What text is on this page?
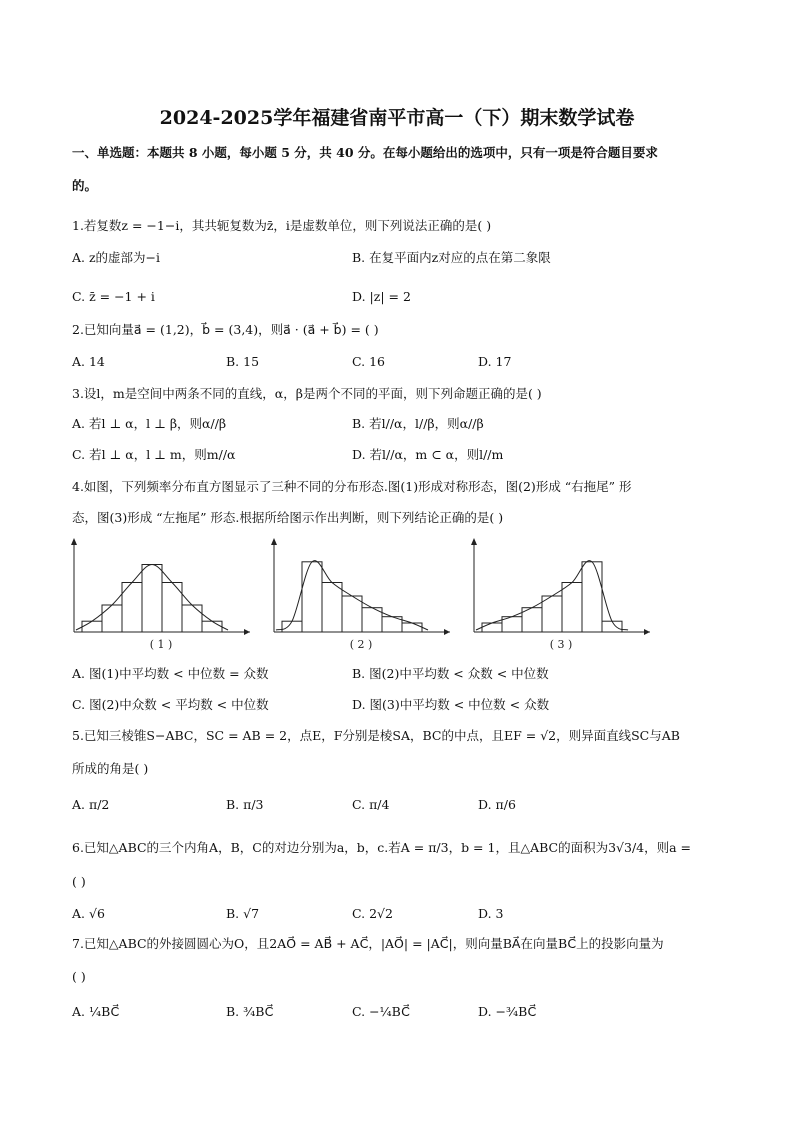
2024-2025学年福建省南平市高一（下）期末数学试卷
一、单选题：本题共 8 小题，每小题 5 分，共 40 分。在每小题给出的选项中，只有一项是符合题目要求
的。
1.若复数z = −1−i，其共轭复数为z̄，i是虚数单位，则下列说法正确的是( )
A. z的虚部为−i	B. 在复平面内z对应的点在第二象限
C. z̄ = −1 + i	D. |z| = 2
2.已知向量a⃗ = (1,2)，b⃗ = (3,4)，则a⃗ · (a⃗ + b⃗) = ( )
A. 14	B. 15	C. 16	D. 17
3.设l，m是空间中两条不同的直线，α，β是两个不同的平面，则下列命题正确的是( )
A. 若l ⊥ α，l ⊥ β，则α//β	B. 若l//α，l//β，则α//β
C. 若l ⊥ α，l ⊥ m，则m//α	D. 若l//α，m ⊂ α，则l//m
4.如图，下列频率分布直方图显示了三种不同的分布形态.图(1)形成对称形态，图(2)形成 “右拖尾” 形
态，图(3)形成 “左拖尾” 形态.根据所给图示作出判断，则下列结论正确的是( )
( 1 )	( 2 )	( 3 )
A. 图(1)中平均数 < 中位数 = 众数	B. 图(2)中平均数 < 众数 < 中位数
C. 图(2)中众数 < 平均数 < 中位数	D. 图(3)中平均数 < 中位数 < 众数
5.已知三棱锥S−ABC，SC = AB = 2，点E，F分别是棱SA，BC的中点，且EF = √2，则异面直线SC与AB
所成的角是( )
A. π/2	B. π/3	C. π/4	D. π/6
6.已知△ABC的三个内角A，B，C的对边分别为a，b，c.若A = π/3，b = 1，且△ABC的面积为3√3/4，则a =
( )
A. √6	B. √7	C. 2√2	D. 3
7.已知△ABC的外接圆圆心为O，且2AO⃗ = AB⃗ + AC⃗，|AO⃗| = |AC⃗|，则向量BA⃗在向量BC⃗上的投影向量为
( )
A. ¼BC⃗	B. ¾BC⃗	C. −¼BC⃗	D. −¾BC⃗
